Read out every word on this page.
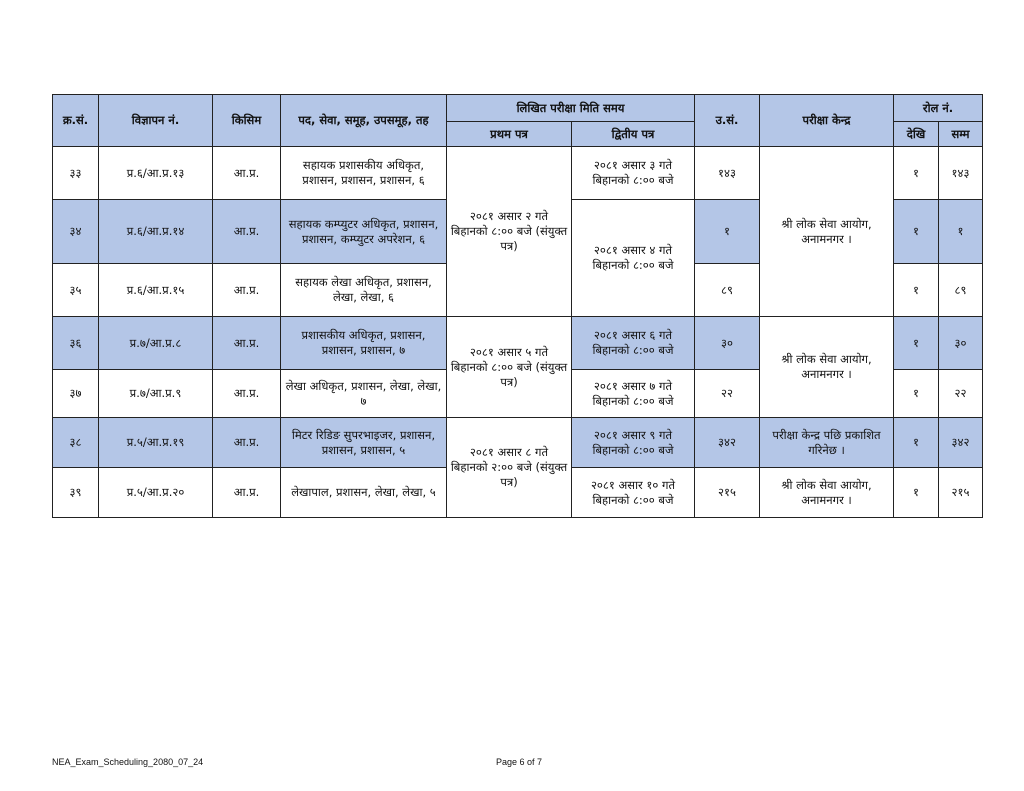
क्र.सं.	विज्ञापन नं.	किसिम	पद, सेवा, समूह, उपसमूह, तह	लिखित परीक्षा मिति समय		उ.सं.	परीक्षा केन्द्र	रोल नं.	
				प्रथम पत्र	द्वितीय पत्र			देखि	सम्म
३३	प्र.६/आ.प्र.१३	आ.प्र.	सहायक प्रशासकीय अधिकृत, प्रशासन, प्रशासन, प्रशासन, ६	२०८१ असार २ गते बिहानको ८:०० बजे (संयुक्त पत्र)	२०८१ असार ३ गते बिहानको ८:०० बजे	१४३	श्री लोक सेवा आयोग, अनामनगर ।	१	१४३
३४	प्र.६/आ.प्र.१४	आ.प्र.	सहायक कम्प्युटर अधिकृत, प्रशासन, प्रशासन, कम्प्युटर अपरेशन, ६		२०८१ असार ४ गते बिहानको ८:०० बजे	१		१	१
३५	प्र.६/आ.प्र.१५	आ.प्र.	सहायक लेखा अधिकृत, प्रशासन, लेखा, लेखा, ६			८९		१	८९
३६	प्र.७/आ.प्र.८	आ.प्र.	प्रशासकीय अधिकृत, प्रशासन, प्रशासन, प्रशासन, ७	२०८१ असार ५ गते बिहानको ८:०० बजे (संयुक्त पत्र)	२०८१ असार ६ गते बिहानको ८:०० बजे	३०	श्री लोक सेवा आयोग, अनामनगर ।	१	३०
३७	प्र.७/आ.प्र.९	आ.प्र.	लेखा अधिकृत, प्रशासन, लेखा, लेखा, ७		२०८१ असार ७ गते बिहानको ८:०० बजे	२२		१	२२
३८	प्र.५/आ.प्र.१९	आ.प्र.	मिटर रिडिङ सुपरभाइजर, प्रशासन, प्रशासन, प्रशासन, ५	२०८१ असार ८ गते बिहानको २:०० बजे (संयुक्त पत्र)	२०८१ असार ९ गते बिहानको ८:०० बजे	३४२	परीक्षा केन्द्र पछि प्रकाशित गरिनेछ ।	१	३४२
३९	प्र.५/आ.प्र.२०	आ.प्र.	लेखापाल, प्रशासन, लेखा, लेखा, ५		२०८१ असार १० गते बिहानको ८:०० बजे	२१५	श्री लोक सेवा आयोग, अनामनगर ।	१	२१५
NEA_Exam_Scheduling_2080_07_24	Page 6 of 7
